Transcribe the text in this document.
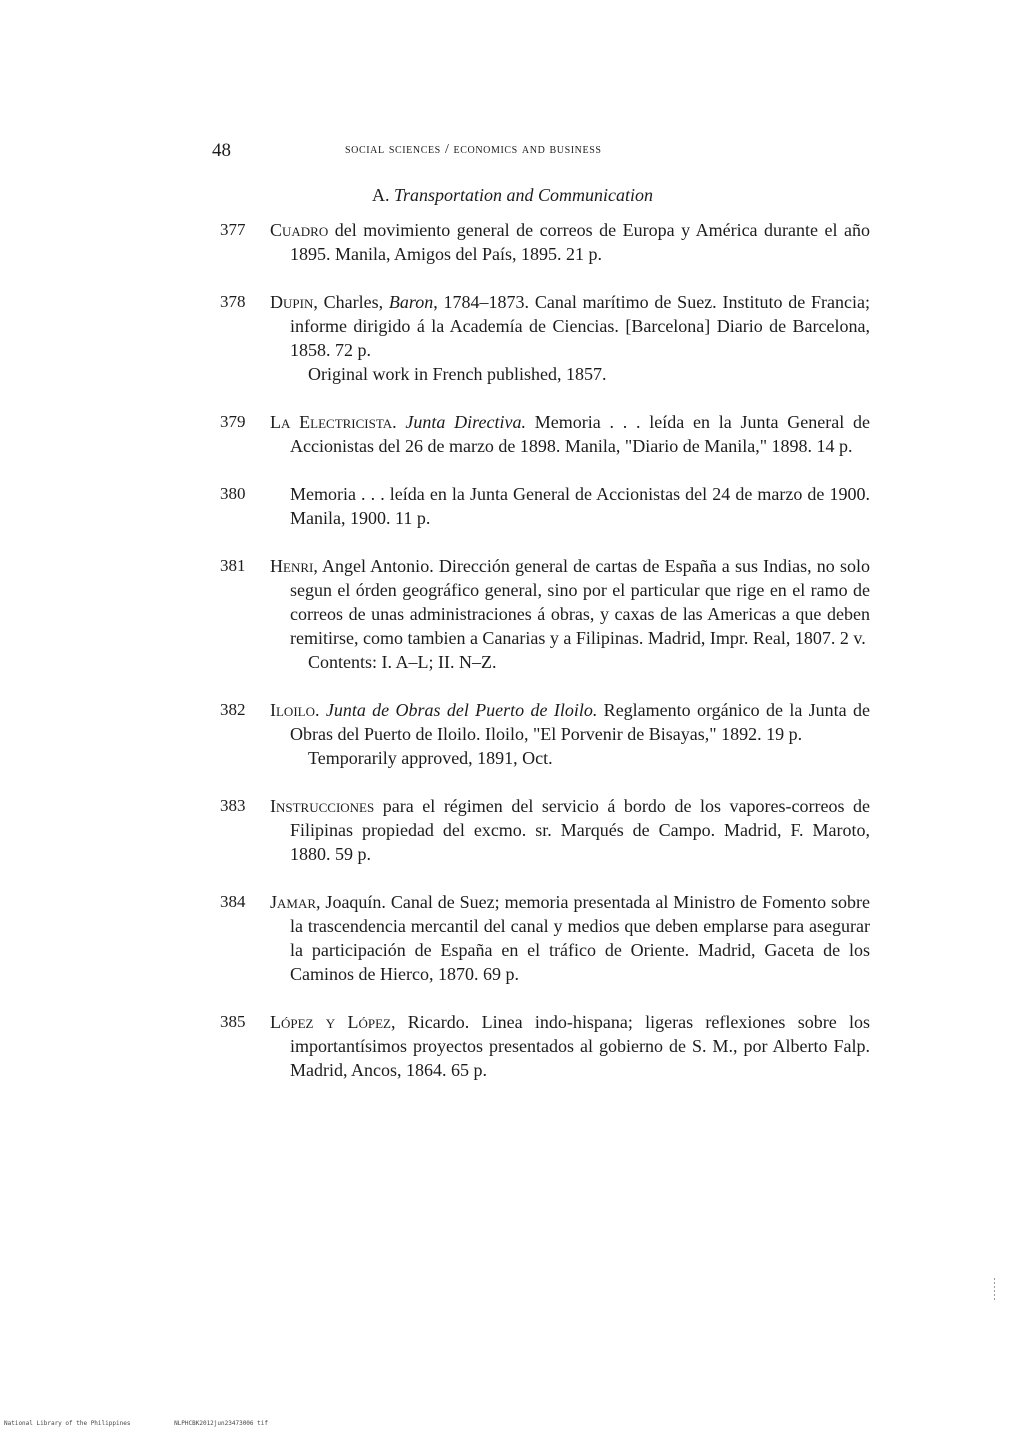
48	social sciences / economics and business
A. Transportation and Communication
377 Cuadro del movimiento general de correos de Europa y América durante el año 1895. Manila, Amigos del País, 1895. 21 p.
378 Dupin, Charles, Baron, 1784–1873. Canal marítimo de Suez. Instituto de Francia; informe dirigido á la Academía de Ciencias. [Barcelona] Diario de Barcelona, 1858. 72 p.
Original work in French published, 1857.
379 La Electricista. Junta Directiva. Memoria . . . leída en la Junta General de Accionistas del 26 de marzo de 1898. Manila, "Diario de Manila," 1898. 14 p.
380	Memoria . . . leída en la Junta General de Accionistas del 24 de marzo de 1900. Manila, 1900. 11 p.
381 Henri, Angel Antonio. Dirección general de cartas de España a sus Indias, no solo segun el órden geográfico general, sino por el particular que rige en el ramo de correos de unas administraciones á obras, y caxas de las Americas a que deben remitirse, como tambien a Canarias y a Filipinas. Madrid, Impr. Real, 1807. 2 v.
Contents: I. A–L; II. N–Z.
382 Iloilo. Junta de Obras del Puerto de Iloilo. Reglamento orgánico de la Junta de Obras del Puerto de Iloilo. Iloilo, "El Porvenir de Bisayas," 1892. 19 p.
Temporarily approved, 1891, Oct.
383 Instrucciones para el régimen del servicio á bordo de los vapores-correos de Filipinas propiedad del excmo. sr. Marqués de Campo. Madrid, F. Maroto, 1880. 59 p.
384 Jamar, Joaquín. Canal de Suez; memoria presentada al Ministro de Fomento sobre la trascendencia mercantil del canal y medios que deben emplarse para asegurar la participación de España en el tráfico de Oriente. Madrid, Gaceta de los Caminos de Hierco, 1870. 69 p.
385 López y López, Ricardo. Linea indo-hispana; ligeras reflexiones sobre los importantísimos proyectos presentados al gobierno de S. M., por Alberto Falp. Madrid, Ancos, 1864. 65 p.
National Library of the Philippines	NLPHCBK2012jun23473006 tif
